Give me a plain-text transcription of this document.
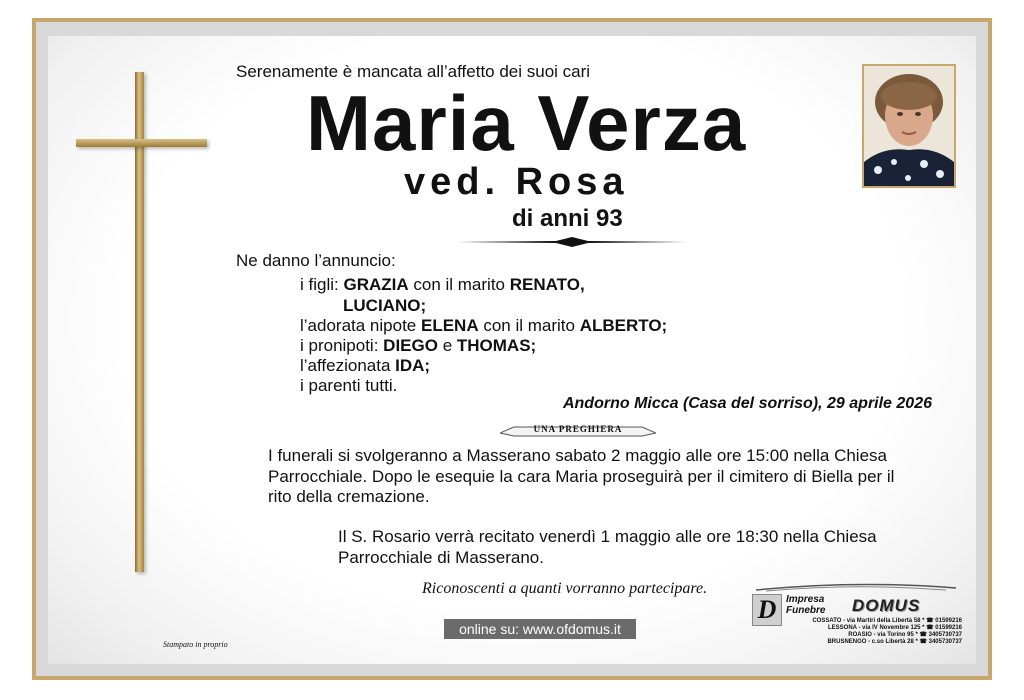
Serenamente è mancata all’affetto dei suoi cari
Maria Verza
ved. Rosa
di anni 93
Ne danno l’annuncio:
i figli: GRAZIA con il marito RENATO,
LUCIANO;
l’adorata nipote ELENA con il marito ALBERTO;
i pronipoti: DIEGO e THOMAS;
l’affezionata IDA;
i parenti tutti.
Andorno Micca (Casa del sorriso), 29 aprile 2026
UNA PREGHIERA
I funerali si svolgeranno a Masserano sabato 2 maggio alle ore 15:00 nella Chiesa Parrocchiale. Dopo le esequie la cara Maria proseguirà per il cimitero di Biella per il rito della cremazione.
Il S. Rosario verrà recitato venerdì 1 maggio alle ore 18:30 nella Chiesa Parrocchiale di Masserano.
Riconoscenti a quanti vorranno partecipare.
online su: www.ofdomus.it
Stampato in proprio
D Impresa
Funebre DOMUS
COSSATO - via Martiri della Libertà 58 * ☎ 01599216
LESSONA - via IV Novembre 125 * ☎ 01599216
ROASIO - via Torino 95 * ☎ 3405730737
BRUSNENGO - c.so Libertà 28 * ☎ 3405730737
